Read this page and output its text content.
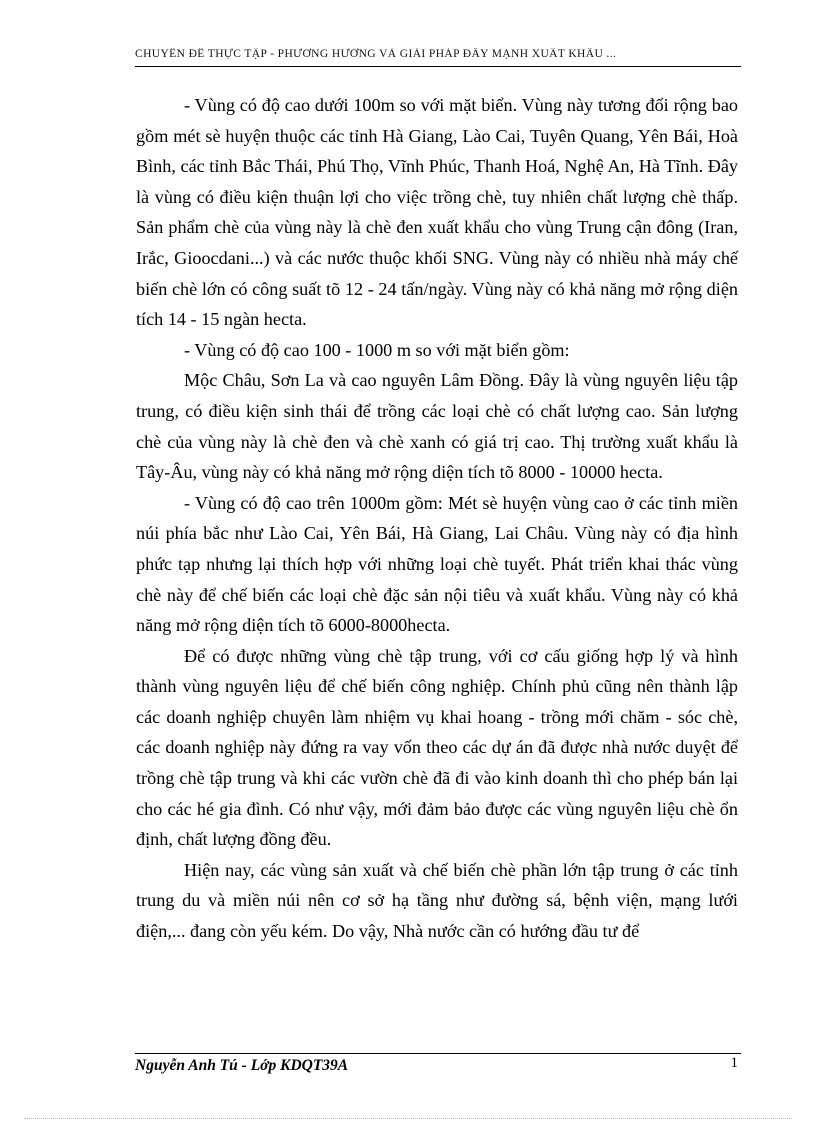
CHUYÊN ĐỀ THỰC TẬP - PHƯƠNG HƯỚNG VÀ GIẢI PHÁP ĐẨY MẠNH XUẤT KHẨU ...

- Vùng có độ cao dưới 100m so với mặt biển. Vùng này tương đối rộng bao gồm mét sè huyện thuộc các tỉnh Hà Giang, Lào Cai, Tuyên Quang, Yên Bái, Hoà Bình, các tỉnh Bắc Thái, Phú Thọ, Vĩnh Phúc, Thanh Hoá, Nghệ An, Hà Tĩnh. Đây là vùng có điều kiện thuận lợi cho việc trồng chè, tuy nhiên chất lượng chè thấp. Sản phẩm chè của vùng này là chè đen xuất khẩu cho vùng Trung cận đông (Iran, Irắc, Gioocdani...) và các nước thuộc khối SNG. Vùng này có nhiều nhà máy chế biến chè lớn có công suất tõ 12 - 24 tấn/ngày. Vùng này có khả năng mở rộng diện tích 14 - 15 ngàn hecta.

- Vùng có độ cao 100 - 1000 m so với mặt biển gồm:

Mộc Châu, Sơn La và cao nguyên Lâm Đồng. Đây là vùng nguyên liệu tập trung, có điều kiện sinh thái để trồng các loại chè có chất lượng cao. Sản lượng chè của vùng này là chè đen và chè xanh có giá trị cao. Thị trường xuất khẩu là Tây-Âu, vùng này có khả năng mở rộng diện tích tõ 8000 - 10000 hecta.

- Vùng có độ cao trên 1000m gồm: Mét sè huyện vùng cao ở các tỉnh miền núi phía bắc như Lào Cai, Yên Bái, Hà Giang, Lai Châu. Vùng này có địa hình phức tạp nhưng lại thích hợp với những loại chè tuyết. Phát triển khai thác vùng chè này để chế biến các loại chè đặc sản nội tiêu và xuất khẩu. Vùng này có khả năng mở rộng diện tích tõ 6000-8000hecta.

Để có được những vùng chè tập trung, với cơ cấu giống hợp lý và hình thành vùng nguyên liệu để chế biến công nghiệp. Chính phủ cũng nên thành lập các doanh nghiệp chuyên làm nhiệm vụ khai hoang - trồng mới chăm - sóc chè, các doanh nghiệp này đứng ra vay vốn theo các dự án đã được nhà nước duyệt để trồng chè tập trung và khi các vườn chè đã đi vào kinh doanh thì cho phép bán lại cho các hé gia đình. Có như vậy, mới đảm bảo được các vùng nguyên liệu chè ổn định, chất lượng đồng đều.

Hiện nay, các vùng sản xuất và chế biến chè phần lớn tập trung ở các tỉnh trung du và miền núi nên cơ sở hạ tầng như đường sá, bệnh viện, mạng lưới điện,... đang còn yếu kém. Do vậy, Nhà nước cần có hướng đầu tư để

Nguyễn Anh Tú - Lớp KDQT39A	1
